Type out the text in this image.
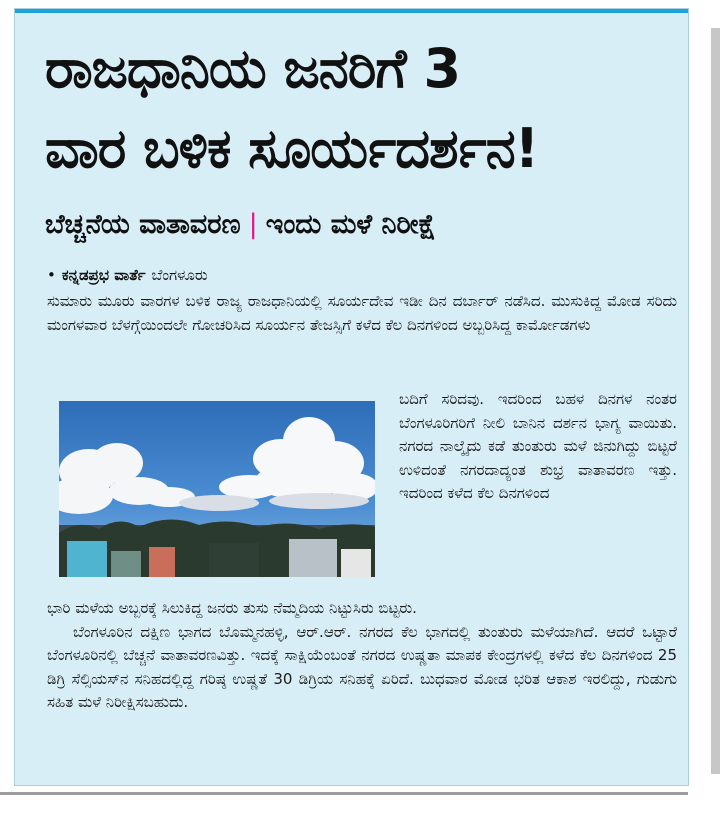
ರಾಜಧಾನಿಯ ಜನರಿಗೆ 3
ವಾರ ಬಳಿಕ ಸೂರ್ಯದರ್ಶನ!
ಬೆಚ್ಚನೆಯ ವಾತಾವರಣ | ಇಂದು ಮಳೆ ನಿರೀಕ್ಷೆ
• ಕನ್ನಡಪ್ರಭ ವಾರ್ತೆ ಬೆಂಗಳೂರು

ಸುಮಾರು ಮೂರು ವಾರಗಳ ಬಳಿಕ ರಾಜ್ಯ ರಾಜಧಾನಿಯಲ್ಲಿ ಸೂರ್ಯದೇವ ಇಡೀ ದಿನ ದರ್ಬಾರ್ ನಡೆಸಿದ. ಮುಸುಕಿದ್ದ ಮೋಡ ಸರಿದು ಮಂಗಳವಾರ ಬೆಳಗ್ಗೆಯಿಂದಲೇ ಗೋಚರಿಸಿದ ಸೂರ್ಯನ ತೇಜಸ್ಸಿಗೆ ಕಳೆದ ಕೆಲ ದಿನಗಳಿಂದ ಅಬ್ಬರಿಸಿದ್ದ ಕಾರ್ಮೋಡಗಳು

ಬದಿಗೆ ಸರಿದವು. ಇದರಿಂದ ಬಹಳ ದಿನಗಳ ನಂತರ ಬೆಂಗಳೂರಿಗರಿಗೆ ನೀಲಿ ಬಾನಿನ ದರ್ಶನ ಭಾಗ್ಯ ವಾಯಿತು. ನಗರದ ನಾಲ್ಕೈದು ಕಡೆ ತುಂತುರು ಮಳೆ ಜಿನುಗಿದ್ದು ಬಿಟ್ಟರೆ ಉಳಿದಂತೆ ನಗರದಾದ್ಯಂತ ಶುಭ್ರ ವಾತಾವರಣ ಇತ್ತು. ಇದರಿಂದ ಕಳೆದ ಕೆಲ ದಿನಗಳಿಂದ

ಭಾರಿ ಮಳೆಯ ಅಬ್ಬರಕ್ಕೆ ಸಿಲುಕಿದ್ದ ಜನರು ತುಸು ನೆಮ್ಮದಿಯ ನಿಟ್ಟುಸಿರು ಬಿಟ್ಟರು.
ಬೆಂಗಳೂರಿನ ದಕ್ಷಿಣ ಭಾಗದ ಬೊಮ್ಮನಹಳ್ಳಿ, ಆರ್.ಆರ್. ನಗರದ ಕೆಲ ಭಾಗದಲ್ಲಿ ತುಂತುರು ಮಳೆಯಾಗಿದೆ. ಆದರೆ ಒಟ್ಟಾರೆ ಬೆಂಗಳೂರಿನಲ್ಲಿ ಬೆಚ್ಚನೆ ವಾತಾವರಣವಿತ್ತು. ಇದಕ್ಕೆ ಸಾಕ್ಷಿಯೆಂಬಂತೆ ನಗರದ ಉಷ್ಣತಾ ಮಾಪಕ ಕೇಂದ್ರಗಳಲ್ಲಿ ಕಳೆದ ಕೆಲ ದಿನಗಳಿಂದ 25 ಡಿಗ್ರಿ ಸೆಲ್ಸಿಯಸ್‌ನ ಸನಿಹದಲ್ಲಿದ್ದ ಗರಿಷ್ಠ ಉಷ್ಣತೆ 30 ಡಿಗ್ರಿಯ ಸನಿಹಕ್ಕೆ ಏರಿದೆ. ಬುಧವಾರ ಮೋಡ ಭರಿತ ಆಕಾಶ ಇರಲಿದ್ದು, ಗುಡುಗು ಸಹಿತ ಮಳೆ ನಿರೀಕ್ಷಿಸಬಹುದು.
